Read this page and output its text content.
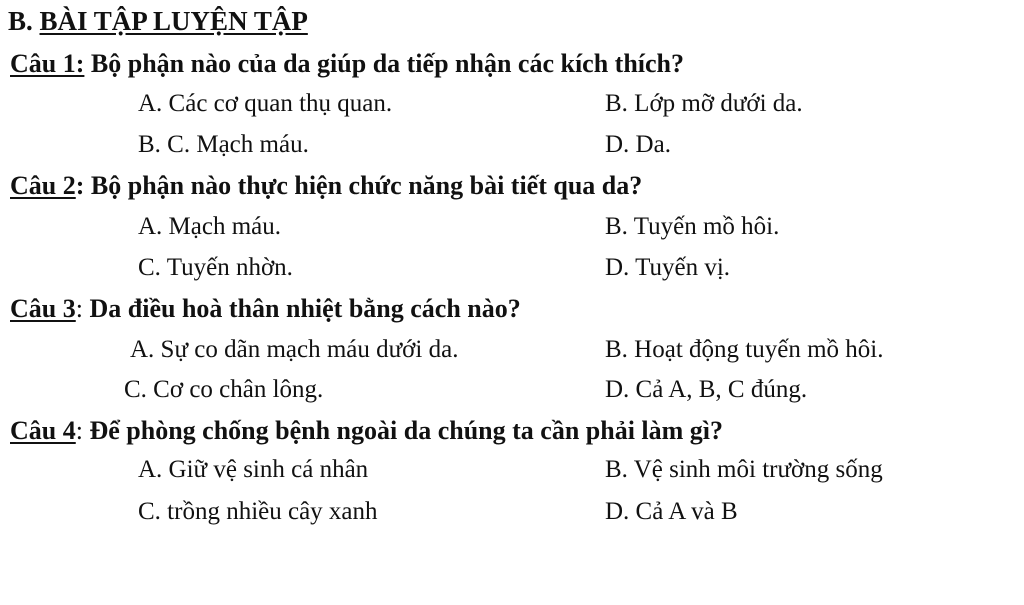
B. BÀI TẬP LUYỆN TẬP
Câu 1: Bộ phận nào của da giúp da tiếp nhận các kích thích?
A. Các cơ quan thụ quan.	B. Lớp mỡ dưới da.
B. C. Mạch máu.	D. Da.
Câu 2: Bộ phận nào thực hiện chức năng bài tiết qua da?
A. Mạch máu.	B. Tuyến mồ hôi.
C. Tuyến nhờn.	D. Tuyến vị.
Câu 3: Da điều hoà thân nhiệt bằng cách nào?
A. Sự co dãn mạch máu dưới da.	B. Hoạt động tuyến mồ hôi.
C. Cơ co chân lông.	D. Cả A, B, C đúng.
Câu 4: Để phòng chống bệnh ngoài da chúng ta cần phải làm gì?
A. Giữ vệ sinh cá nhân	B. Vệ sinh môi trường sống
C. trồng nhiều cây xanh	D. Cả A và B
